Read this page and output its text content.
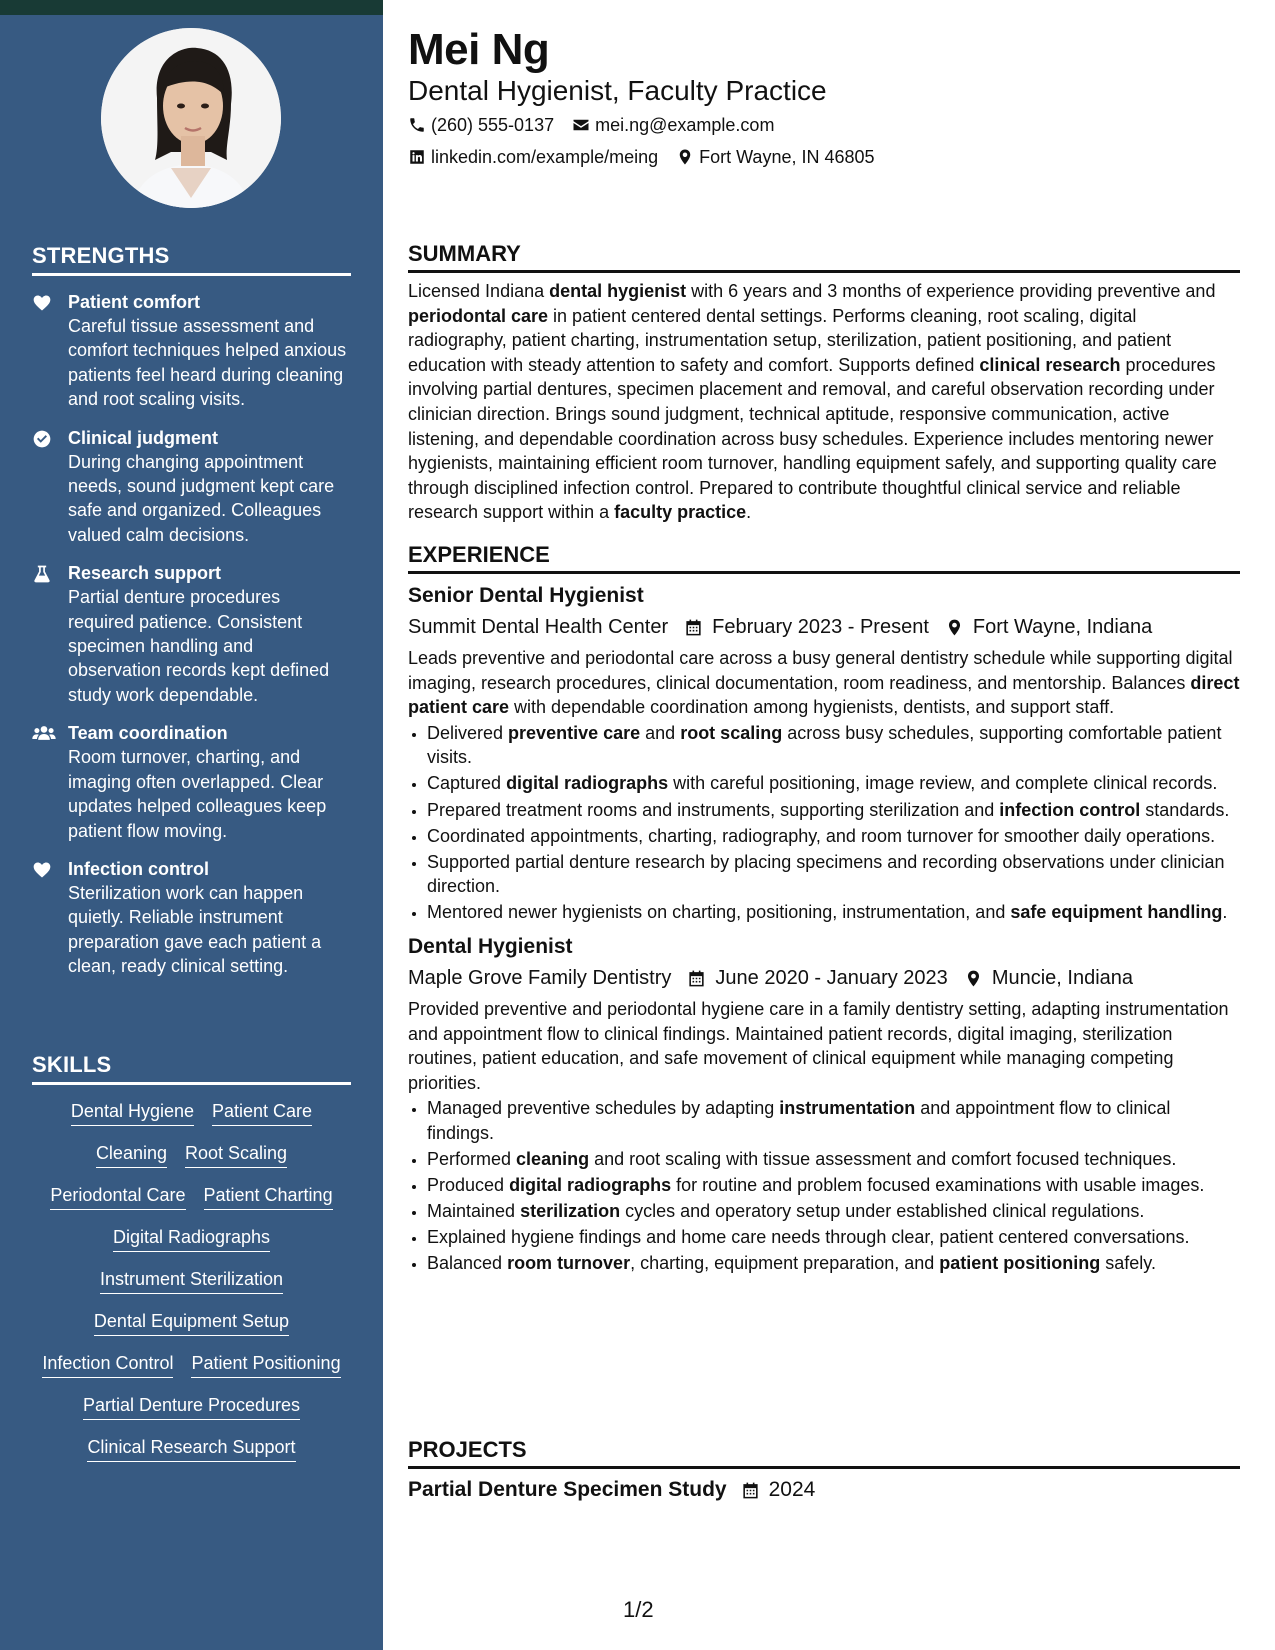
STRENGTHS
Patient comfort
Careful tissue assessment and comfort techniques helped anxious patients feel heard during cleaning and root scaling visits.
Clinical judgment
During changing appointment needs, sound judgment kept care safe and organized. Colleagues valued calm decisions.
Research support
Partial denture procedures required patience. Consistent specimen handling and observation records kept defined study work dependable.
Team coordination
Room turnover, charting, and imaging often overlapped. Clear updates helped colleagues keep patient flow moving.
Infection control
Sterilization work can happen quietly. Reliable instrument preparation gave each patient a clean, ready clinical setting.
SKILLS
Dental Hygiene Patient Care
Cleaning Root Scaling
Periodontal Care Patient Charting
Digital Radiographs
Instrument Sterilization
Dental Equipment Setup
Infection Control Patient Positioning
Partial Denture Procedures
Clinical Research Support
Mei Ng
Dental Hygienist, Faculty Practice
(260) 555-0137 mei.ng@example.com
linkedin.com/example/meing Fort Wayne, IN 46805
SUMMARY
Licensed Indiana dental hygienist with 6 years and 3 months of experience providing preventive and periodontal care in patient centered dental settings. Performs cleaning, root scaling, digital radiography, patient charting, instrumentation setup, sterilization, patient positioning, and patient education with steady attention to safety and comfort. Supports defined clinical research procedures involving partial dentures, specimen placement and removal, and careful observation recording under clinician direction. Brings sound judgment, technical aptitude, responsive communication, active listening, and dependable coordination across busy schedules. Experience includes mentoring newer hygienists, maintaining efficient room turnover, handling equipment safely, and supporting quality care through disciplined infection control. Prepared to contribute thoughtful clinical service and reliable research support within a faculty practice.
EXPERIENCE
Senior Dental Hygienist
Summit Dental Health Center February 2023 - Present Fort Wayne, Indiana
Leads preventive and periodontal care across a busy general dentistry schedule while supporting digital imaging, research procedures, clinical documentation, room readiness, and mentorship. Balances direct patient care with dependable coordination among hygienists, dentists, and support staff.
• Delivered preventive care and root scaling across busy schedules, supporting comfortable patient visits.
• Captured digital radiographs with careful positioning, image review, and complete clinical records.
• Prepared treatment rooms and instruments, supporting sterilization and infection control standards.
• Coordinated appointments, charting, radiography, and room turnover for smoother daily operations.
• Supported partial denture research by placing specimens and recording observations under clinician direction.
• Mentored newer hygienists on charting, positioning, instrumentation, and safe equipment handling.
Dental Hygienist
Maple Grove Family Dentistry June 2020 - January 2023 Muncie, Indiana
Provided preventive and periodontal hygiene care in a family dentistry setting, adapting instrumentation and appointment flow to clinical findings. Maintained patient records, digital imaging, sterilization routines, patient education, and safe movement of clinical equipment while managing competing priorities.
• Managed preventive schedules by adapting instrumentation and appointment flow to clinical findings.
• Performed cleaning and root scaling with tissue assessment and comfort focused techniques.
• Produced digital radiographs for routine and problem focused examinations with usable images.
• Maintained sterilization cycles and operatory setup under established clinical regulations.
• Explained hygiene findings and home care needs through clear, patient centered conversations.
• Balanced room turnover, charting, equipment preparation, and patient positioning safely.
PROJECTS
Partial Denture Specimen Study 2024
1/2
